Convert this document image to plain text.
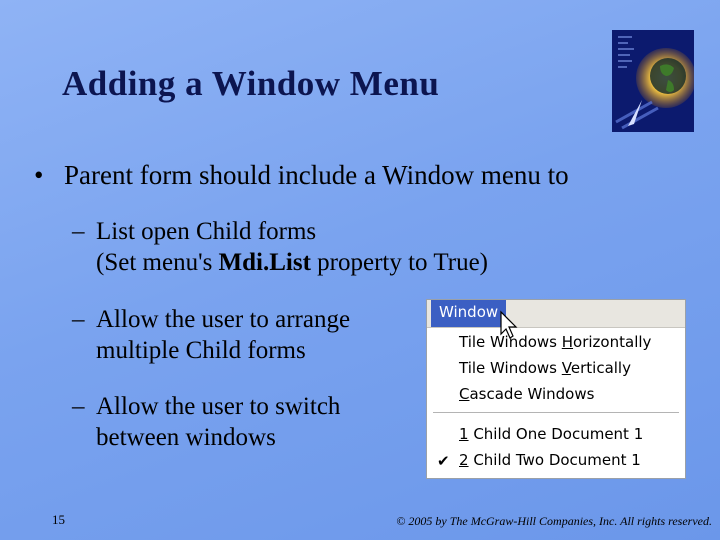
Adding a Window Menu
• Parent form should include a Window menu to
– List open Child forms
(Set menu's Mdi.List property to True)
– Allow the user to arrange
multiple Child forms
– Allow the user to switch
between windows
Window
Tile Windows Horizontally
Tile Windows Vertically
Cascade Windows
1 Child One Document 1
✔ 2 Child Two Document 1
15	© 2005 by The McGraw-Hill Companies, Inc. All rights reserved.
